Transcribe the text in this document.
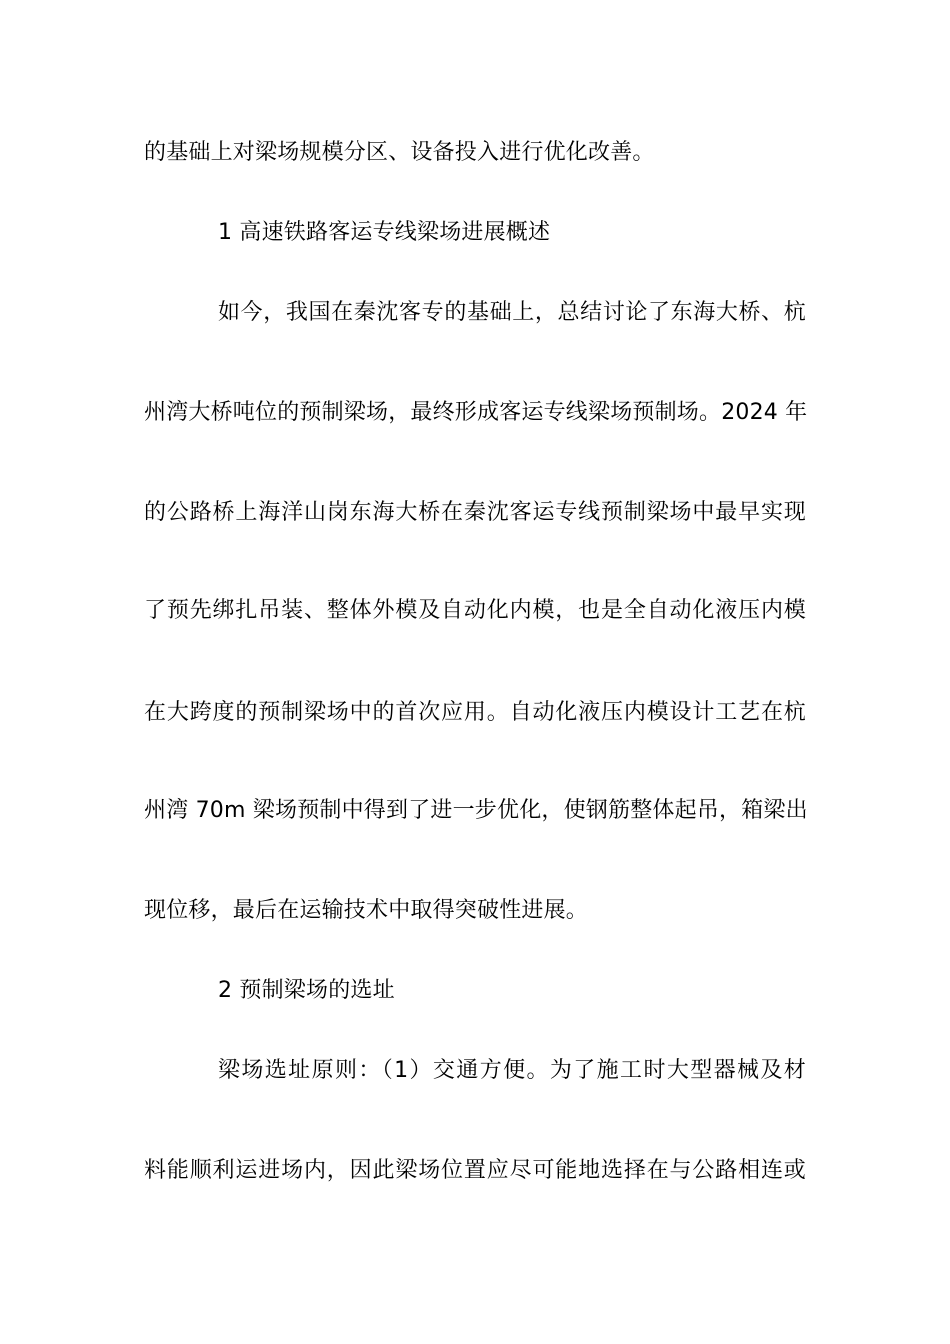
的基础上对梁场规模分区、设备投入进行优化改善。
1 高速铁路客运专线梁场进展概述
如今，我国在秦沈客专的基础上，总结讨论了东海大桥、杭
州湾大桥吨位的预制梁场，最终形成客运专线梁场预制场。2024 年
的公路桥上海洋山岗东海大桥在秦沈客运专线预制梁场中最早实现
了预先绑扎吊装、整体外模及自动化内模，也是全自动化液压内模
在大跨度的预制梁场中的首次应用。自动化液压内模设计工艺在杭
州湾 70m 梁场预制中得到了进一步优化，使钢筋整体起吊，箱梁出
现位移，最后在运输技术中取得突破性进展。
2 预制梁场的选址
梁场选址原则：（1）交通方便。为了施工时大型器械及材
料能顺利运进场内，因此梁场位置应尽可能地选择在与公路相连或
